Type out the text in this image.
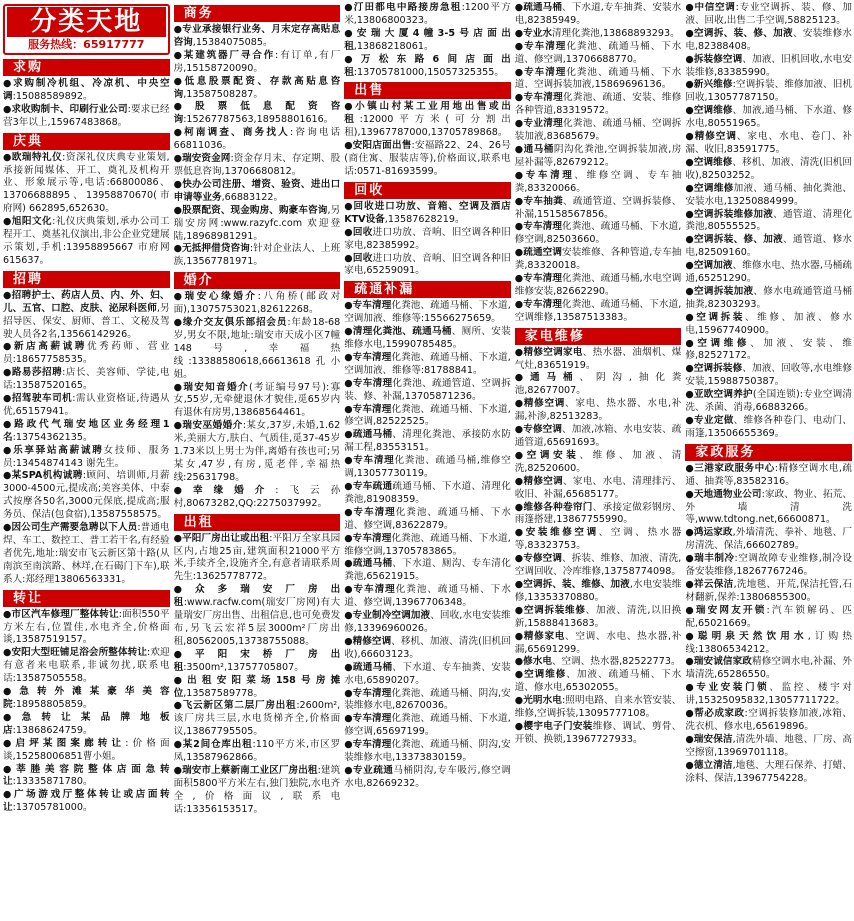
分类天地
服务热线：65917777
求购

●求购制冷机组、冷凉机、中央空调:15088589892。

●求收购制卡、印刷行业公司:要求已经营3年以上,15967483868。

庆典

●欧瑞特礼仪:资深礼仪庆典专业策划,承接新闻媒体、开工、奠礼及机构开业、形象展示等,电话:66800086、13706688895、13958870670(市府网) 662895,652630。

●旭阳文化:礼仪庆典策划,承办公司工程开工、奠基礼仪演出,非公企业党建展示策划,手机:13958895667 市府网 615637。

招聘

●招聘护士、药店人员、内、外、妇、儿、五官、口腔、皮肤、泌尿科医师,另招导医、保安、厨师、普工、文秘及驾驶人员各2名,13566142926。

●新店高薪诚聘优秀药师、营业员:18657758535。

●路易莎招聘:店长、美容师、学徒,电话:13587520165。

●招驾驶车司机:需认业资格证,待遇从优,65157941。

●路政代气瑞安地区业务经理1名:13754362135。

●乐享驿站高薪诚聘女技师、服务员:13454874143 谢先生。

●某SPA机构诚聘:顾问、培训师,月薪3000-4500元,提成高;美容美体、中泰式按摩各50名,3000元保底,提成高;服务员、保洁(包食宿),13587558575。

●因公司生产需要急聘以下人员:普通电焊、车工、数控工、普工若干名,有经验者优先,地址:瑞安市飞云新区第十路(从南滨至南滨路、林垟,在石碣门下车),联系人:郑经理13806563331。

转让

●市区汽车修理厂整体转让:面积550平方米左右,位置佳,水电齐全,价格面谈,13587519157。

●安阳大型旺铺足浴会所整体转让:欢迎有意者来电联系,非诚勿扰,联系电话:13587505558。

●急转外滩某豪华美容院:18958805859。

●急转让某品牌地板店:13868624759。

●启坪某图案廊转让:价格面谈,15258006851曹小姐。

●莘塍美容院整体店面急转让:13335871780。

●广场游戏厅整体转让或店面转让:13705781000。

商务

●专业承接银行业务、月末定存高贴息咨询,15384075085。

●某建筑器厂寻合作:有订单,有厂房,15158720090。

●低息股票配资、存款高贴息咨询,13587508287。

●股票低息配资咨询:15267787563,18958801616。

●柯南调查、商务找人:咨询电话66811036。

●瑞安资金网:资金存月末、存定期、股票低息咨询,13706680812。

●快办公司注册、增资、验资、进出口申请等业务,66883122。

●股票配资、现金购房、购豪车咨询,另瑞安房网:www.razyfc.com 欢迎登陆,18968981291。

●无抵押借贷咨询:针对企业法人、上班族,13567781971。

婚介

●瑞安心缘婚介:八角桥(邮政对面),13075753021,82612268。

●缘介交友俱乐部招会员:年龄18-68岁,男女不限,地址:瑞安市天成小区7幢148号,幸福热线:13388580618,66613618孔小姐。

●瑞安知音婚介(考证编号97号):寡女,55岁,无牵健退休才貌佳,觅65岁内有退休有房男,13868564461。

●瑞安巫婚婚介:某女,37岁,未婚,1.62米,美丽大方,肤白、气质佳,觅37-45岁1.73米以上男士为伴,离婚有孩也可;另某女,47岁,有房,觅老伴,幸福热线:25631798。

●幸缘婚介:飞云孙村,80673282,QQ:2275037992。

出租

●平阳厂房出让或出租:平阳万全家具园区内,占地25亩,建筑面积21000平方米,手续齐全,设施齐全,有意者请联系周先生:13625778772。

●众多瑞安厂房出租:www.racfw.com(瑞安厂房网)有大量瑞安厂房出售、出租信息,也可免费发布,另飞云宏祥5层3000m²厂房出租,80562005,13738755088。

●平阳宋桥厂房出租:3500m²,13757705807。

●出租安阳菜场158号房摊位,13587589778。

●飞云新区第二层厂房出租:2600m²,该厂房共三层,水电货梯齐全,价格面议,13867795505。

●某2间仓库出租:110平方米,市区罗凤,13587962866。

●瑞安市上蔡新南工业区厂房出租:建筑面积5800平方米左右,独门独院,水电齐全,价格面议,联系电话:13356153517。

●汀田都电中路接房急租:1200平方米,13806800323。

●安瑞大厦4幢3-5号店面出租,13868218061。

●万松东路6间店面出租:13705781000,15057325355。

出售

●小镇山村某工业用地出售或出租:12000平方米(可分割出租),13967787000,13705789868。

●安阳店面出售:安福路22、24、26号(商住寓、服装店等),价格面议,联系电话:0571-81693599。

回收

●回收进口功放、音箱、空调及酒店KTV设备,13587628219。

●回收进口功放、音响、旧空调各种旧家电,82385992。

●回收进口功放、音响、旧空调各种旧家电,65259091。

疏通补漏

●专车清理化粪池、疏通马桶、下水道,空调加液、维修等:15566275659。

●清理化粪池、疏通马桶、厕所、安装维修水电,15990785485。

●专车清理化粪池、疏通马桶、下水道,空调加液、维修等:81788841。

●专车清理化粪池、疏通管道、空调拆装、修、补漏,13705871236。

●专车清理化粪池、疏通马桶、下水道,修空调,82522525。

●疏通马桶、清理化粪池、承接防水防漏工程,83553151。

●专车清理化粪池、疏通马桶,维修空调,13057730119。

●专车疏通疏通马桶、下水道、清理化粪池,81908359。

●专车清理化粪池、疏通马桶、下水道、修空调,83622879。

●专车清理化粪池、疏通马桶、下水道,维修空调,13705783865。

●疏通马桶、下水道、厕沟、专车清化粪池,65621915。

●专车清理化粪池、疏通马桶、下水道、修空调,13967706348。

●专业制冷空调加液、回收,水电安装维修,13396960026。

●精修空调、移机、加液、清洗(旧机回收),66603123。

●疏通马桶、下水道、专车抽粪、安装水电,65890207。

●专车清理化粪池、疏通马桶、阴沟,安装维修水电,82670036。

●专车清理化粪池、疏通马桶、下水道,修空调,65697199。

●专车清理化粪池、疏通马桶、阴沟,安装维修水电,13373830159。

●专业疏通马桶阴沟,专车吸污,修空调水电,82669232。

●疏通马桶、下水道,专车抽粪、安装水电,82385949。

●专业水清理化粪池,13868893293。

●专车清理化粪池、疏通马桶、下水道、修空调,13706688770。

●专车清理化粪池、疏通马桶、下水道、空调拆装加液,15869696136。

●专车清理化粪池、疏通、安装、维修各种管道,83319572。

●专业清理化粪池、疏通马桶、空调拆装加液,83685679。

●通马桶阴沟化粪池,空调拆装加液,房屋补漏等,82679212。

●专车清理、维修空调、专车抽粪,83320066。

●专车抽粪、疏通管道、空调拆装修、补漏,15158567856。

●专车清理化粪池、疏通马桶、下水道,修空调,82503660。

●疏通空调安装维修、各种管道,专车抽粪,83320018。

●专车清理化粪池、疏通马桶,水电空调维修安装,82662290。

●专车清理化粪池、疏通马桶、下水道,空调维修,13587513383。

家电维修

●精修空调家电、热水器、油烟机、煤气灶,83651919。

●通马桶、阴沟,抽化粪池,82677007。

●精修空调、家电、热水器、水电,补漏,补渗,82513283。

●专修空调、加液,冰箱、水电安装、疏通管道,65691693。

●空调安装、维修、加液、清洗,82520600。

●精修空调、家电、水电、清理排污、收旧、补漏,65685177。

●维修各种卷帘门、承接定做彩钢房、雨篷搭建,13867755990。

●安装维修空调、空调、热水器等,83323753。

●专修空调、拆装、维修、加液、清洗,空调回收、冷库维修,13758774098。

●空调拆、装、维修、加液,水电安装维修,13353370880。

●空调拆装维修、加液、清洗,以旧换新,15888413683。

●精修家电、空调、水电、热水器,补漏,65691299。

●修水电、空调、热水器,82522773。

●空调维修、加液、疏通马桶、下水道、修水电,65302055。

●光明水电:照明电路、自来水管安装、维修,空调拆装,13095777108。

●樱宇电子门安装维修、调试、剪骨、开锁、换锁,13967727933。

●中信空调:专业空调拆、装、修、加液、回收,出售二手空调,58825123。

●空调拆、装、修、加液、安装维修水电,82388408。

●拆装修空调、加液、旧机回收,水电安装维修,83385990。

●新兴维修:空调拆装、维修加液、旧机回收,13057787150。

●空调维修、加液,通马桶、下水道、修水电,80551965。

●精修空调、家电、水电、卷门、补漏、收旧,83591775。

●空调维修、移机、加液、清洗(旧机回收),82503252。

●空调维修加液、通马桶、抽化粪池、安装水电,13250884999。

●空调拆装维修加液、通管道、清理化粪池,80555525。

●空调拆装、修、加液、通管道、修水电,82509160。

●空调加液、维修水电、热水器,马桶疏通,65251290。

●空调拆装加液、修水电疏通管道马桶抽粪,82303293。

●空调拆装、维修、加液、修水电,15967740900。

●空调维修、加液、安装、维修,82527172。

●空调拆装修、加液、回收等,水电维修安装,15988750387。

●亚欧空调养护(全国连锁):专业空调清洗、杀菌、消毒,66883266。

●专业定做、维修各种卷门、电动门、雨篷,13506655369。

家政服务

●三港家政服务中心:精修空调水电,疏通、抽粪等,83582316。

●天地通物业公司:家政、物业、拓荒、外墙清洗等,www.tdtong.net,66600871。

●鸿运家政,外墙清洗、拳补、地毯、厂房清洗、保洁,66602789。

●瑞丰制冷:空调故障专业维修,制冷设备安装维修,18267767246。

●祥云保洁,洗地毯、开荒,保洁托管,石材翻新,保养:13806855300。

●瑞安网友开锁:汽车锁解码、匹配,65021669。

●聪明泉天然饮用水,订购热线:13806534212。

●瑞安诚信家政精修空调水电,补漏、外墙清洗,65286550。

●专业安装门锁、监控、楼宇对讲,15325095832,13057711722。

●帮必成家政:空调拆装修加液,冰箱、洗衣机、修水电,65619896。

●瑞安保洁,清洗外墙、地毯、厂房、高空擦窗,13969701118。

●德立清洁,地毯、大理石保养、打蜡、涂料、保洁,13967754228。
